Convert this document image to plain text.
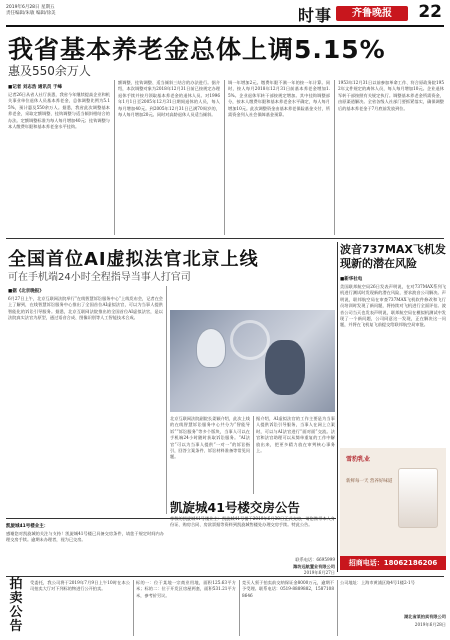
2019年6月28日 星期五
责任编辑/朱敏 编辑/徐美	时事	齐鲁晚报	22
我省基本养老金总体上调5.15%
惠及550余万人
■记者 刘志浩 通讯员 于峰
记者26日从省人社厅获悉，我省今年继续提高企业和机关事业单位退休人员基本养老金，总体调整比例为5.15%，预计惠及550余万人。据悉，我省此次调整基本养老金，采取定额调整、挂钩调整与适当倾斜相结合的办法。定额调整标准为每人每月增加40元；挂钩调整与本人缴费年限和基本养老金水平挂钩。
额调整、挂钩调整、适当倾斜三结合的办法进行。据介绍，本次调整对象为2018年12月31日前已按规定办理退休手续并按月领取基本养老金的退休人员。对1996年1月1日至2005年12月31日期间退休的人员，每人每月增加40元。到2005年12月31日已满70周岁的，每人每月增加20元。同时对高龄退休人员适当倾斜。
调一年增加2元。缴费年限不满一年的按一年计算。同时，按人每月2018年12月31日前基本养老金增加1.5%。企业退休军转干部按规定增加。其中挂钩调整部分，按本人缴费年限和基本养老金水平确定，每人每月增加10元。此次调整资金由基本养老保险基金支付，所需资金列入社会保障基金预算。
1953年12月31日以前参加革命工作、符合原政务院1952年文件规定的离休人员，每人每月增加10元。企业退休军转干部按照有关规定执行。调整基本养老金所需资金，由原渠道解决。全省各级人社部门要抓紧落实，确保调整后的基本养老金于7月底前发放到位。
全国首位AI虚拟法官北京上线
可在手机端24小时全程指导当事人打官司
■据《北京晚报》
6月27日上午，北京互联网法院举行“在线智慧诉讼服务中心”上线发布会，记者在会上了解到，在线智慧诉讼服务中心推出了全国首位AI虚拟法官，可以为当事人提供智能化的诉讼引导服务。据悉，北京互联网法院推出的全国首位AI虚拟法官，是以法院真实法官为原型，通过语音合成、图像识别等人工智能技术合成。
北京互联网法院副院长姜颖介绍，此次上线的在线智慧诉讼服务中心共分为“智能导诉”“诉讼服务”等多个版块，当事人可以在手机端24小时随时获取诉讼服务。“AI法官”可以为当事人提供“一对一”的诉讼指引，回答立案条件、诉讼材料准备等常见问题。
据介绍，AI虚拟法官的工作主要是为当事人提供诉讼引导服务，当事人在网上立案时，可以与AI法官进行“面对面”交流。法官和法官助理可以从简单重复的工作中解放出来，把更多精力放在审判核心事务上。
波音737MAX飞机发现新的潜在风险
■新华社电
美国联邦航空局26日发表声明说，在对737MAX系列飞机进行测试时发现新的潜在风险，要求波音公司解决。声明说，联邦航空局在审查737MAX飞机软件修改和飞行员培训时发现了新问题，将持续对飞机进行全面评估。波音公司当天也发表声明说，联邦航空局在模拟机测试中发现了一个新问题，公司同意这一发现，正在解决这一问题，并将在飞机复飞前提交给联邦航空局审批。
雪豹乳业
新鲜每一天 营养好味道
招商电话：18062186206
凯旋城41号楼业主：
感谢您对凯旋城的关注与支持！凯旋城41号楼已具备交房条件，请您于规定时间内办理交房手续。逾期未办理者，视为已交房。
凯旋城41号楼交房公告
尊敬的凯旋城41号楼业主：凯旋城41号楼于2019年6月30日正式交房，请您携带本人身份证、购房合同、房款票据等资料到凯旋城售楼处办理交房手续。特此公告。
联系电话：6695999
潍坊远航置业有限公司
2019年6月27日
拍卖公告
受委托，我公司将于2019年7月9日上午10时在本公司拍卖大厅对下列标的物进行公开拍卖。
标的一：位于某地一宗商业用地，面积125.63平方米；标的二：位于开发区房屋两套，面积531.21平方米，参考价另议。
竞买人须于拍卖前交纳保证金8000万元，逾期不予受理。联系电话：0519-8889882，15871088646
公司地址：上海市黄浦区路4号1楼2-1号
湖北省某拍卖有限公司
2019年6月28日
